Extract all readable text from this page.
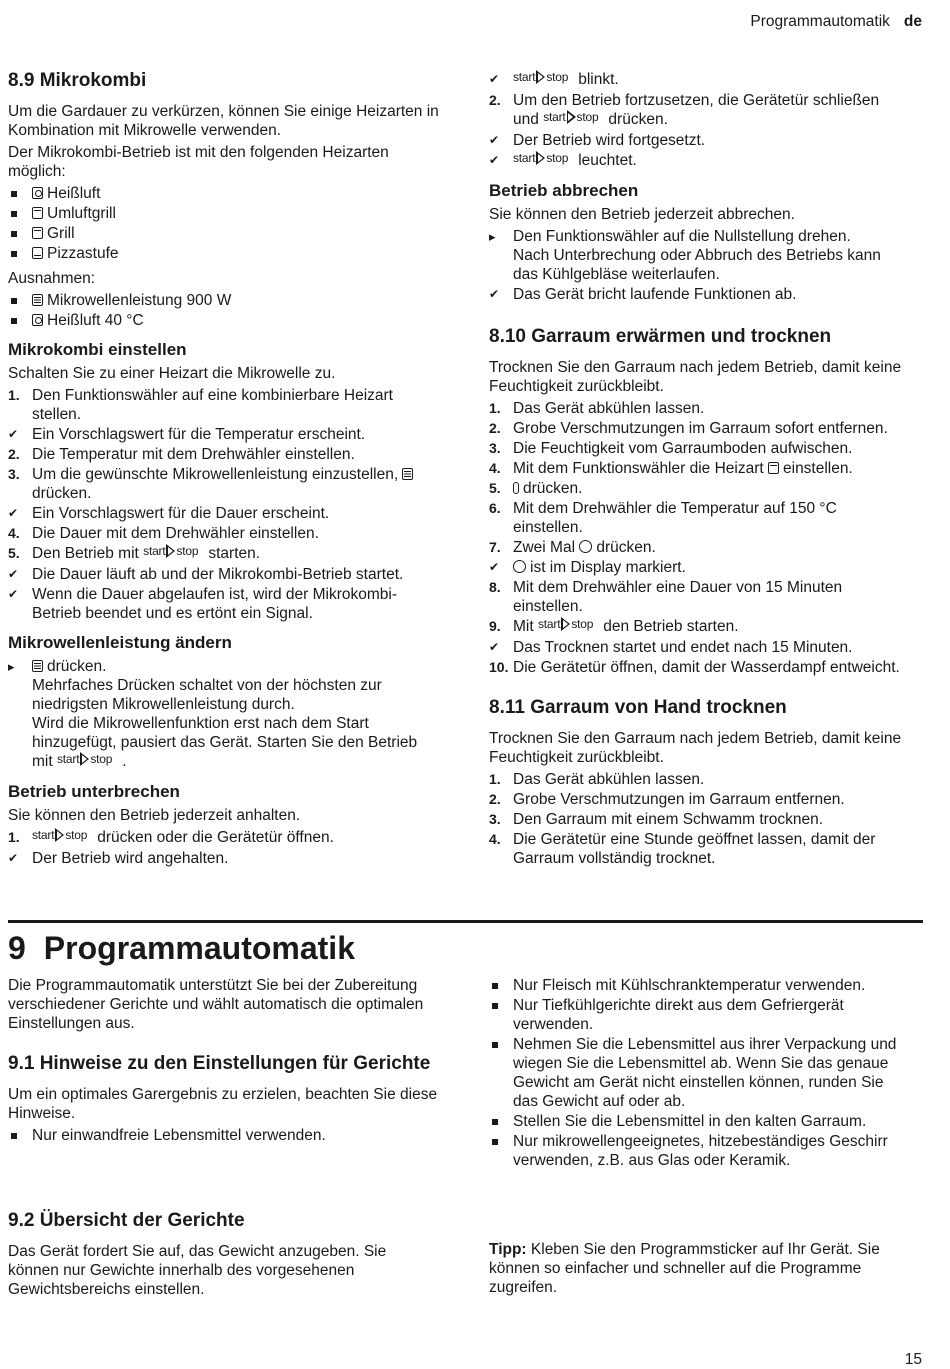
Programmautomatik de
8.9 Mikrokombi

Um die Gardauer zu verkürzen, können Sie einige Heizarten in Kombination mit Mikrowelle verwenden.

Der Mikrokombi-Betrieb ist mit den folgenden Heizarten möglich:

Heißluft
Umluftgrill
Grill
Pizzastufe

Ausnahmen:

Mikrowellenleistung 900 W
Heißluft 40 °C
Mikrokombi einstellen

Schalten Sie zu einer Heizart die Mikrowelle zu.

1. Den Funktionswähler auf eine kombinierbare Heizart stellen.
Ein Vorschlagswert für die Temperatur erscheint.
2. Die Temperatur mit dem Drehwähler einstellen.
3. Um die gewünschte Mikrowellenleistung einzustellen, drücken.
Ein Vorschlagswert für die Dauer erscheint.
4. Die Dauer mit dem Drehwähler einstellen.
5. Den Betrieb mit start stop starten.
Die Dauer läuft ab und der Mikrokombi-Betrieb startet.
Wenn die Dauer abgelaufen ist, wird der Mikrokombi-Betrieb beendet und es ertönt ein Signal.
Mikrowellenleistung ändern
drücken.
Mehrfaches Drücken schaltet von der höchsten zur niedrigsten Mikrowellenleistung durch.
Wird die Mikrowellenfunktion erst nach dem Start hinzugefügt, pausiert das Gerät. Starten Sie den Betrieb mit start stop .
Betrieb unterbrechen

Sie können den Betrieb jederzeit anhalten.

1.	start stop drücken oder die Gerätetür öffnen.
Der Betrieb wird angehalten.
start stop blinkt.
2. Um den Betrieb fortzusetzen, die Gerätetür schließen und start stop drücken.
Der Betrieb wird fortgesetzt.
start stop leuchtet.
Betrieb abbrechen

Sie können den Betrieb jederzeit abbrechen.

Den Funktionswähler auf die Nullstellung drehen.
Nach Unterbrechung oder Abbruch des Betriebs kann das Kühlgebläse weiterlaufen.
Das Gerät bricht laufende Funktionen ab.
8.10 Garraum erwärmen und trocknen

Trocknen Sie den Garraum nach jedem Betrieb, damit keine Feuchtigkeit zurückbleibt.

1. Das Gerät abkühlen lassen.
2. Grobe Verschmutzungen im Garraum sofort entfernen.
3. Die Feuchtigkeit vom Garraumboden aufwischen.
4. Mit dem Funktionswähler die Heizart einstellen.
5.	drücken.
6. Mit dem Drehwähler die Temperatur auf 150 °C einstellen.
7. Zwei Mal drücken.
ist im Display markiert.
8. Mit dem Drehwähler eine Dauer von 15 Minuten einstellen.
9. Mit start stop den Betrieb starten.
Das Trocknen startet und endet nach 15 Minuten.
10. Die Gerätetür öffnen, damit der Wasserdampf entweicht.
8.11 Garraum von Hand trocknen

Trocknen Sie den Garraum nach jedem Betrieb, damit keine Feuchtigkeit zurückbleibt.

1. Das Gerät abkühlen lassen.
2. Grobe Verschmutzungen im Garraum entfernen.
3. Den Garraum mit einem Schwamm trocknen.
4. Die Gerätetür eine Stunde geöffnet lassen, damit der Garraum vollständig trocknet.
9 Programmautomatik

Die Programmautomatik unterstützt Sie bei der Zubereitung verschiedener Gerichte und wählt automatisch die optimalen Einstellungen aus.

9.1 Hinweise zu den Einstellungen für Gerichte

Um ein optimales Garergebnis zu erzielen, beachten Sie diese Hinweise.

Nur einwandfreie Lebensmittel verwenden.
Nur Fleisch mit Kühlschranktemperatur verwenden.
Nur Tiefkühlgerichte direkt aus dem Gefriergerät verwenden.
Nehmen Sie die Lebensmittel aus ihrer Verpackung und wiegen Sie die Lebensmittel ab. Wenn Sie das genaue Gewicht am Gerät nicht einstellen können, runden Sie das Gewicht auf oder ab.
Stellen Sie die Lebensmittel in den kalten Garraum.
Nur mikrowellengeeignetes, hitzebeständiges Geschirr verwenden, z.B. aus Glas oder Keramik.
9.2 Übersicht der Gerichte

Das Gerät fordert Sie auf, das Gewicht anzugeben. Sie können nur Gewichte innerhalb des vorgesehenen Gewichtsbereichs einstellen.

Tipp: Kleben Sie den Programmsticker auf Ihr Gerät. Sie können so einfacher und schneller auf die Programme zugreifen.

15
